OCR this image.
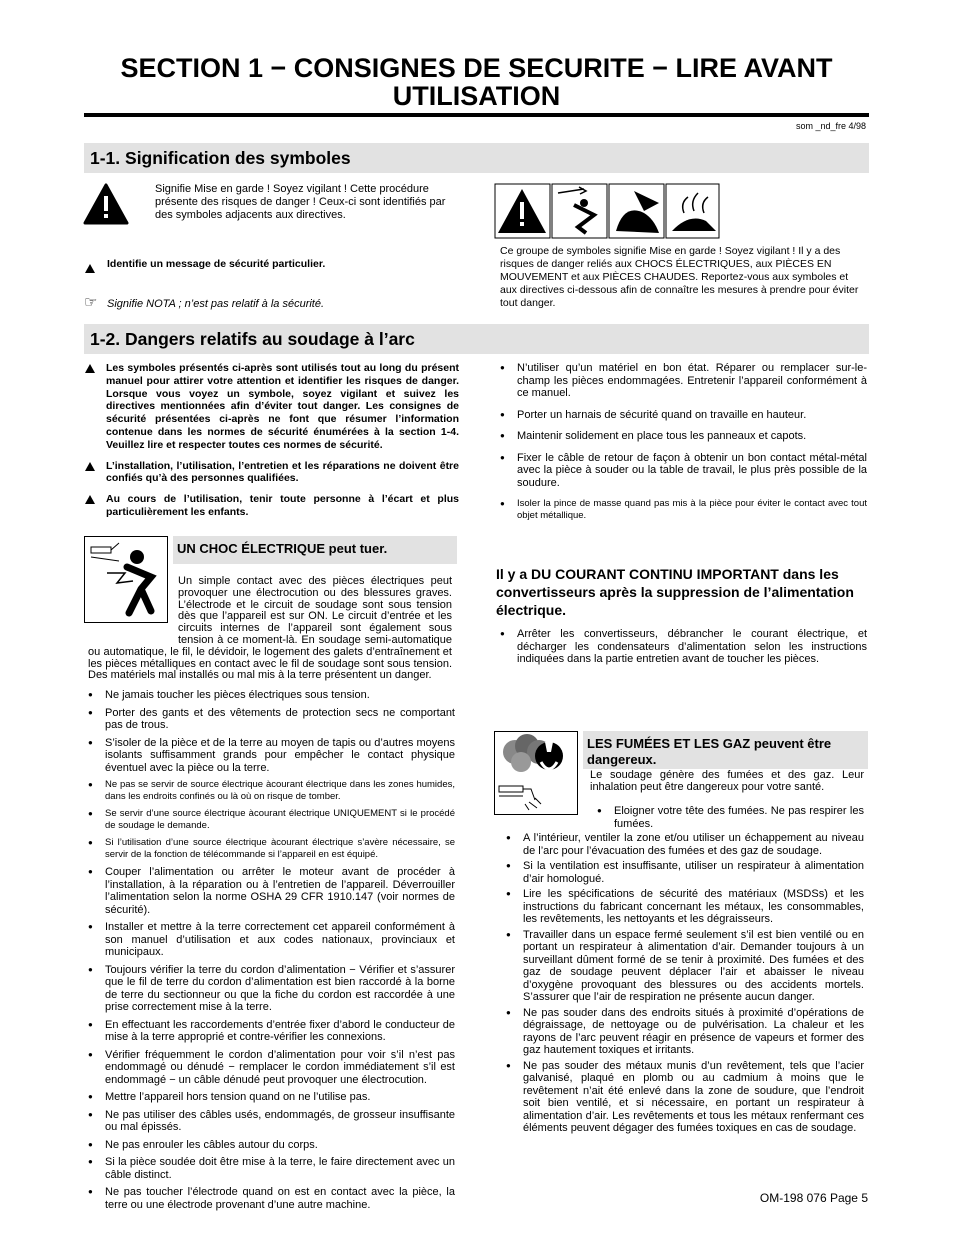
SECTION 1 − CONSIGNES DE SECURITE − LIRE AVANT
UTILISATION
som _nd_fre 4/98
1-1. Signification des symboles
Signifie Mise en garde ! Soyez vigilant ! Cette procédure présente des risques de danger ! Ceux-ci sont identifiés par des symboles adjacents aux directives.
Ce groupe de symboles signifie Mise en garde ! Soyez vigilant ! Il y a des risques de danger reliés aux CHOCS ÉLECTRIQUES, aux PIÈCES EN MOUVEMENT et aux PIÈCES CHAUDES. Reportez-vous aux symboles et aux directives ci-dessous afin de connaître les mesures à prendre pour éviter tout danger.
Identifie un message de sécurité particulier.
☞ Signifie NOTA ; n’est pas relatif à la sécurité.
1-2. Dangers relatifs au soudage à l’arc
Les symboles présentés ci-après sont utilisés tout au long du présent manuel pour attirer votre attention et identifier les risques de danger. Lorsque vous voyez un symbole, soyez vigilant et suivez les directives mentionnées afin d’éviter tout danger. Les consignes de sécurité présentées ci-après ne font que résumer l’information contenue dans les normes de sécurité énumérées à la section 1-4. Veuillez lire et respecter toutes ces normes de sécurité.
L’installation, l’utilisation, l’entretien et les réparations ne doivent être confiés qu’à des personnes qualifiées.
Au cours de l’utilisation, tenir toute personne à l’écart et plus particulièrement les enfants.
UN CHOC ÉLECTRIQUE peut tuer.
Un simple contact avec des pièces électriques peut provoquer une électrocution ou des blessures graves. L’électrode et le circuit de soudage sont sous tension dès que l’appareil est sur ON. Le circuit d’entrée et les circuits internes de l’appareil sont également sous tension à ce moment-là. En soudage semi-automatique ou automatique, le fil, le dévidoir, le logement des galets d’entraînement et les pièces métalliques en contact avec le fil de soudage sont sous tension. Des matériels mal installés ou mal mis à la terre présentent un danger.
● Ne jamais toucher les pièces électriques sous tension.
● Porter des gants et des vêtements de protection secs ne comportant pas de trous.
● S’isoler de la pièce et de la terre au moyen de tapis ou d’autres moyens isolants suffisamment grands pour empêcher le contact physique éventuel avec la pièce ou la terre.
● Ne pas se servir de source électrique àcourant électrique dans les zones humides, dans les endroits confinés ou là où on risque de tomber.
● Se servir d’une source électrique àcourant électrique UNIQUEMENT si le procédé de soudage le demande.
● Si l’utilisation d’une source électrique àcourant électrique s’avère nécessaire, se servir de la fonction de télécommande si l’appareil en est équipé.
● Couper l’alimentation ou arrêter le moteur avant de procéder à l’installation, à la réparation ou à l’entretien de l’appareil. Déverrouiller l’alimentation selon la norme OSHA 29 CFR 1910.147 (voir normes de sécurité).
● Installer et mettre à la terre correctement cet appareil conformément à son manuel d’utilisation et aux codes nationaux, provinciaux et municipaux.
● Toujours vérifier la terre du cordon d’alimentation − Vérifier et s’assurer que le fil de terre du cordon d’alimentation est bien raccordé à la borne de terre du sectionneur ou que la fiche du cordon est raccordée à une prise correctement mise à la terre.
● En effectuant les raccordements d’entrée fixer d’abord le conducteur de mise à la terre approprié et contre-vérifier les connexions.
● Vérifier fréquemment le cordon d’alimentation pour voir s’il n’est pas endommagé ou dénudé − remplacer le cordon immédiatement s’il est endommagé − un câble dénudé peut provoquer une électrocution.
● Mettre l’appareil hors tension quand on ne l’utilise pas.
● Ne pas utiliser des câbles usés, endommagés, de grosseur insuffisante ou mal épissés.
● Ne pas enrouler les câbles autour du corps.
● Si la pièce soudée doit être mise à la terre, le faire directement avec un câble distinct.
● Ne pas toucher l’électrode quand on est en contact avec la pièce, la terre ou une électrode provenant d’une autre machine.
● N’utiliser qu’un matériel en bon état. Réparer ou remplacer sur-le-champ les pièces endommagées. Entretenir l’appareil conformément à ce manuel.
● Porter un harnais de sécurité quand on travaille en hauteur.
● Maintenir solidement en place tous les panneaux et capots.
● Fixer le câble de retour de façon à obtenir un bon contact métal-métal avec la pièce à souder ou la table de travail, le plus près possible de la soudure.
● Isoler la pince de masse quand pas mis à la pièce pour éviter le contact avec tout objet métallique.
Il y a DU COURANT CONTINU IMPORTANT dans les convertisseurs après la suppression de l’alimentation électrique.
● Arrêter les convertisseurs, débrancher le courant électrique, et décharger les condensateurs d’alimentation selon les instructions indiquées dans la partie entretien avant de toucher les pièces.
LES FUMÉES ET LES GAZ peuvent être dangereux.
Le soudage génère des fumées et des gaz. Leur inhalation peut être dangereux pour votre santé.
● Eloigner votre tête des fumées. Ne pas respirer les fumées.
● A l’intérieur, ventiler la zone et/ou utiliser un échappement au niveau de l’arc pour l’évacuation des fumées et des gaz de soudage.
● Si la ventilation est insuffisante, utiliser un respirateur à alimentation d’air homologué.
● Lire les spécifications de sécurité des matériaux (MSDSs) et les instructions du fabricant concernant les métaux, les consommables, les revêtements, les nettoyants et les dégraisseurs.
● Travailler dans un espace fermé seulement s’il est bien ventilé ou en portant un respirateur à alimentation d’air. Demander toujours à un surveillant dûment formé de se tenir à proximité. Des fumées et des gaz de soudage peuvent déplacer l’air et abaisser le niveau d’oxygène provoquant des blessures ou des accidents mortels. S’assurer que l’air de respiration ne présente aucun danger.
● Ne pas souder dans des endroits situés à proximité d’opérations de dégraissage, de nettoyage ou de pulvérisation. La chaleur et les rayons de l’arc peuvent réagir en présence de vapeurs et former des gaz hautement toxiques et irritants.
● Ne pas souder des métaux munis d’un revêtement, tels que l’acier galvanisé, plaqué en plomb ou au cadmium à moins que le revêtement n’ait été enlevé dans la zone de soudure, que l’endroit soit bien ventilé, et si nécessaire, en portant un respirateur à alimentation d’air. Les revêtements et tous les métaux renfermant ces éléments peuvent dégager des fumées toxiques en cas de soudage.
OM-198 076 Page 5
